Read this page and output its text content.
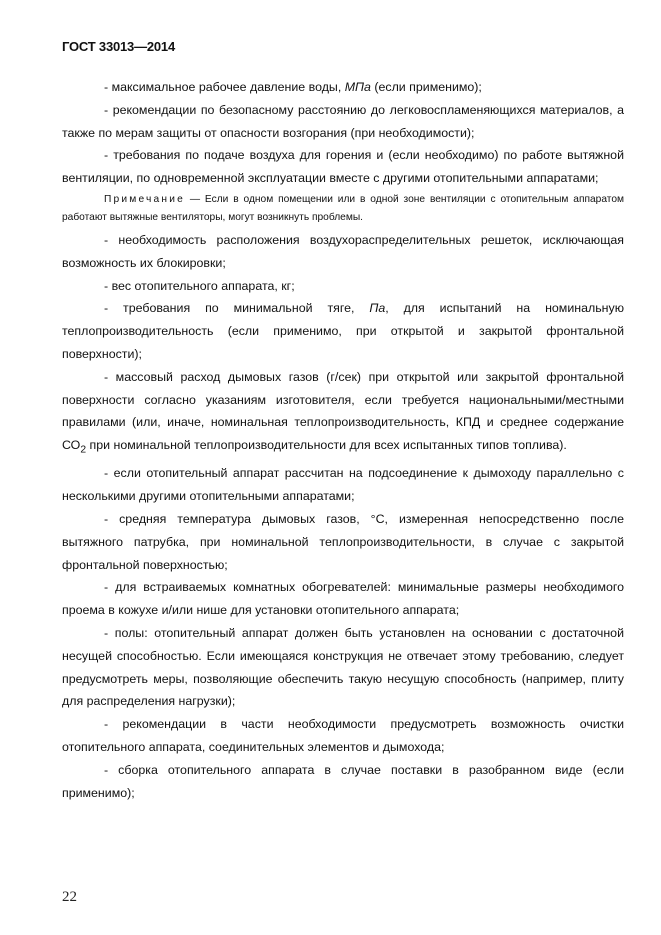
ГОСТ 33013—2014

- максимальное рабочее давление воды, МПа (если применимо);

- рекомендации по безопасному расстоянию до легковоспламеняющихся материалов, а также по мерам защиты от опасности возгорания (при необходимости);

- требования по подаче воздуха для горения и (если необходимо) по работе вытяжной вентиляции, по одновременной эксплуатации вместе с другими отопительными аппаратами;

Примечание — Если в одном помещении или в одной зоне вентиляции с отопительным аппаратом работают вытяжные вентиляторы, могут возникнуть проблемы.

- необходимость расположения воздухораспределительных решеток, исключающая возможность их блокировки;

- вес отопительного аппарата, кг;

- требования по минимальной тяге, Па, для испытаний на номинальную теплопроизводительность (если применимо, при открытой и закрытой фронтальной поверхности);

- массовый расход дымовых газов (г/сек) при открытой или закрытой фронтальной поверхности согласно указаниям изготовителя, если требуется национальными/местными правилами (или, иначе, номинальная теплопроизводительность, КПД и среднее содержание $СО_2$ при номинальной теплопроизводительности для всех испытанных типов топлива).

- если отопительный аппарат рассчитан на подсоединение к дымоходу параллельно с несколькими другими отопительными аппаратами;

- средняя температура дымовых газов, °С, измеренная непосредственно после вытяжного патрубка, при номинальной теплопроизводительности, в случае с закрытой фронтальной поверхностью;

- для встраиваемых комнатных обогревателей: минимальные размеры необходимого проема в кожухе и/или нише для установки отопительного аппарата;

- полы: отопительный аппарат должен быть установлен на основании с достаточной несущей способностью. Если имеющаяся конструкция не отвечает этому требованию, следует предусмотреть меры, позволяющие обеспечить такую несущую способность (например, плиту для распределения нагрузки);

- рекомендации в части необходимости предусмотреть возможность очистки отопительного аппарата, соединительных элементов и дымохода;

- сборка отопительного аппарата в случае поставки в разобранном виде (если применимо);

22
